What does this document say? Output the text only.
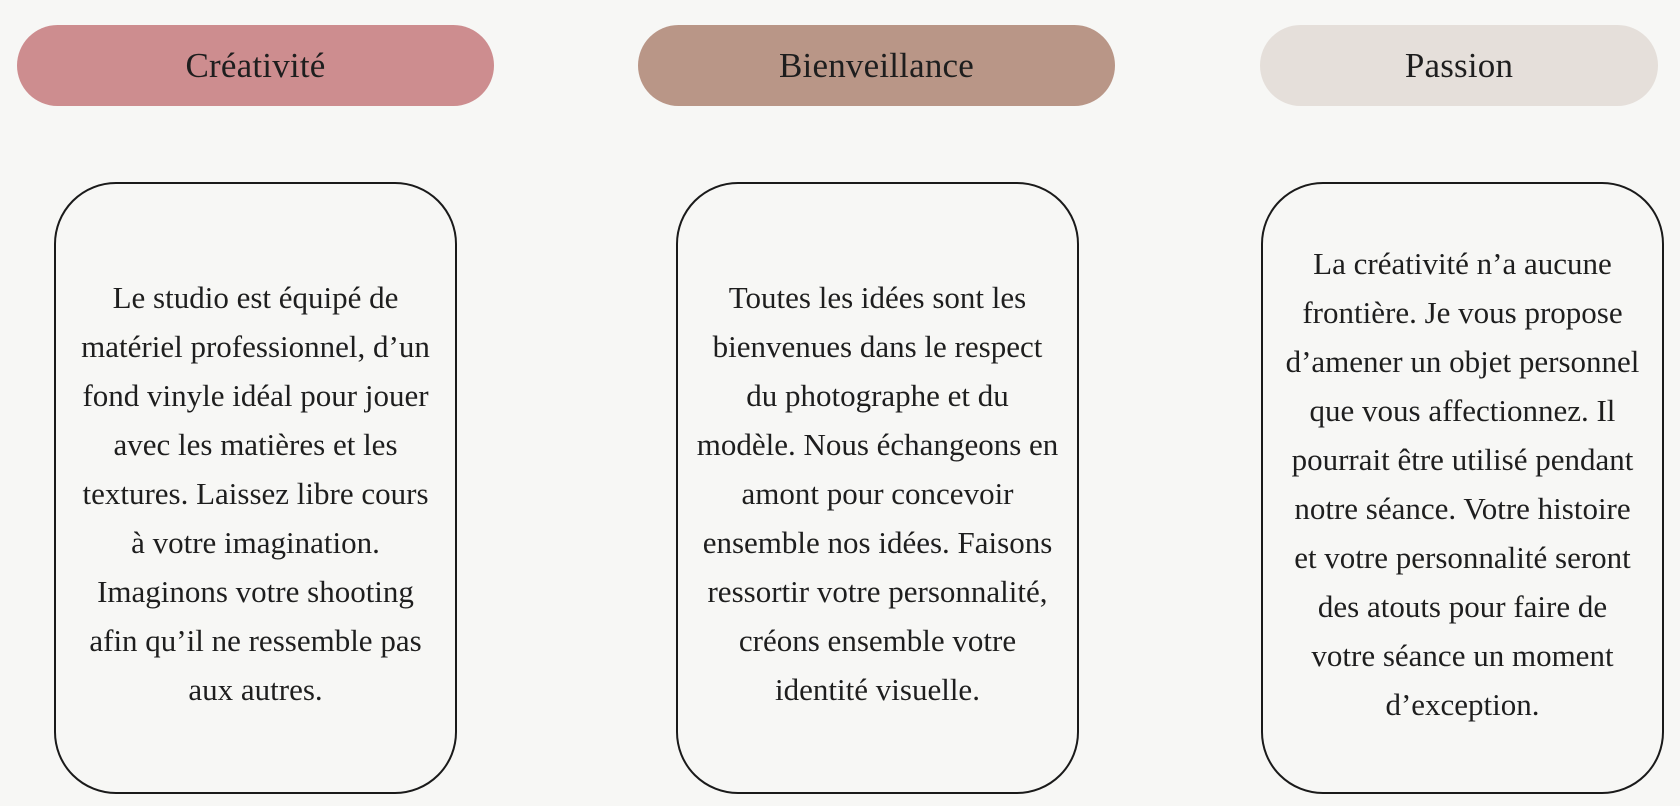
Créativité	Bienveillance	Passion

Le studio est équipé de
matériel professionnel, d’un
fond vinyle idéal pour jouer
avec les matières et les
textures. Laissez libre cours
à votre imagination.
Imaginons votre shooting
afin qu’il ne ressemble pas
aux autres.

Toutes les idées sont les
bienvenues dans le respect
du photographe et du
modèle. Nous échangeons en
amont pour concevoir
ensemble nos idées. Faisons
ressortir votre personnalité,
créons ensemble votre
identité visuelle.

La créativité n’a aucune
frontière. Je vous propose
d’amener un objet personnel
que vous affectionnez. Il
pourrait être utilisé pendant
notre séance. Votre histoire
et votre personnalité seront
des atouts pour faire de
votre séance un moment
d’exception.
